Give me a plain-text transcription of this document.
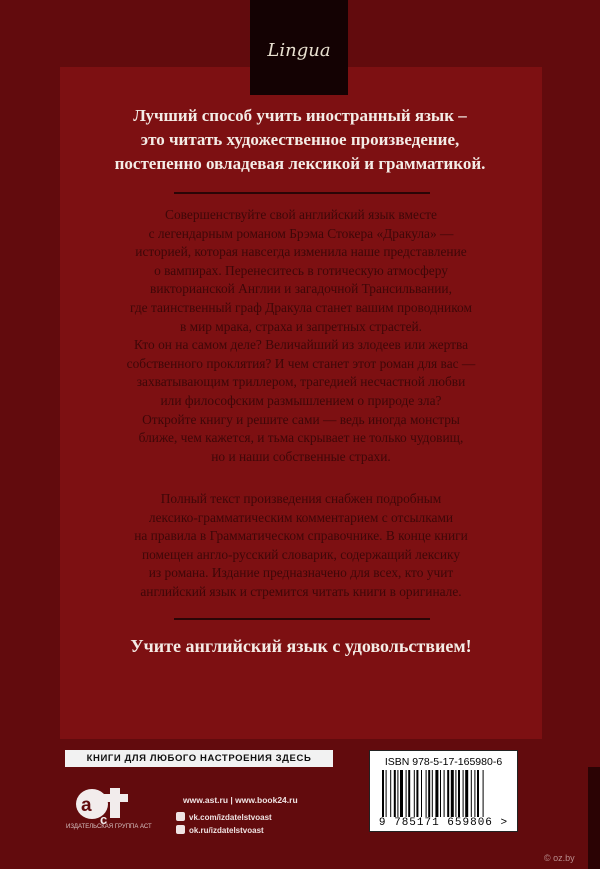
Lingua
Лучший способ учить иностранный язык –
это читать художественное произведение,
постепенно овладевая лексикой и грамматикой.
Совершенствуйте свой английский язык вместе
с легендарным романом Брэма Стокера «Дракула» —
историей, которая навсегда изменила наше представление
о вампирах. Перенеситесь в готическую атмосферу
викторианской Англии и загадочной Трансильвании,
где таинственный граф Дракула станет вашим проводником
в мир мрака, страха и запретных страстей.
Кто он на самом деле? Величайший из злодеев или жертва
собственного проклятия? И чем станет этот роман для вас —
захватывающим триллером, трагедией несчастной любви
или философским размышлением о природе зла?
Откройте книгу и решите сами — ведь иногда монстры
ближе, чем кажется, и тьма скрывает не только чудовищ,
но и наши собственные страхи.
Полный текст произведения снабжен подробным
лексико-грамматическим комментарием с отсылками
на правила в Грамматическом справочнике. В конце книги
помещен англо-русский словарик, содержащий лексику
из романа. Издание предназначено для всех, кто учит
английский язык и стремится читать книги в оригинале.
Учите английский язык с удовольствием!
КНИГИ ДЛЯ ЛЮБОГО НАСТРОЕНИЯ ЗДЕСЬ
a
с
ИЗДАТЕЛЬСКАЯ ГРУППА АСТ
www.ast.ru | www.book24.ru
vk.com/izdatelstvoast
ok.ru/izdatelstvoast
ISBN 978-5-17-165980-6
9 785171 659806 >
© oz.by
